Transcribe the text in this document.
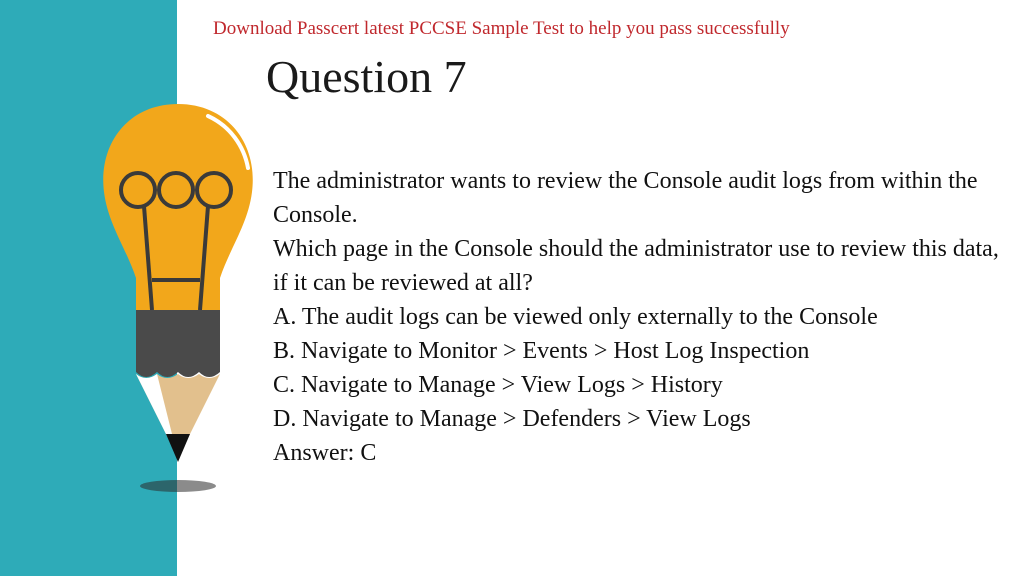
Download Passcert latest PCCSE Sample Test to help you pass successfully
Question 7

The administrator wants to review the Console audit logs from within the Console.

Which page in the Console should the administrator use to review this data, if it can be reviewed at all?

A. The audit logs can be viewed only externally to the Console

B. Navigate to Monitor > Events > Host Log Inspection

C. Navigate to Manage > View Logs > History

D. Navigate to Manage > Defenders > View Logs

Answer: C
